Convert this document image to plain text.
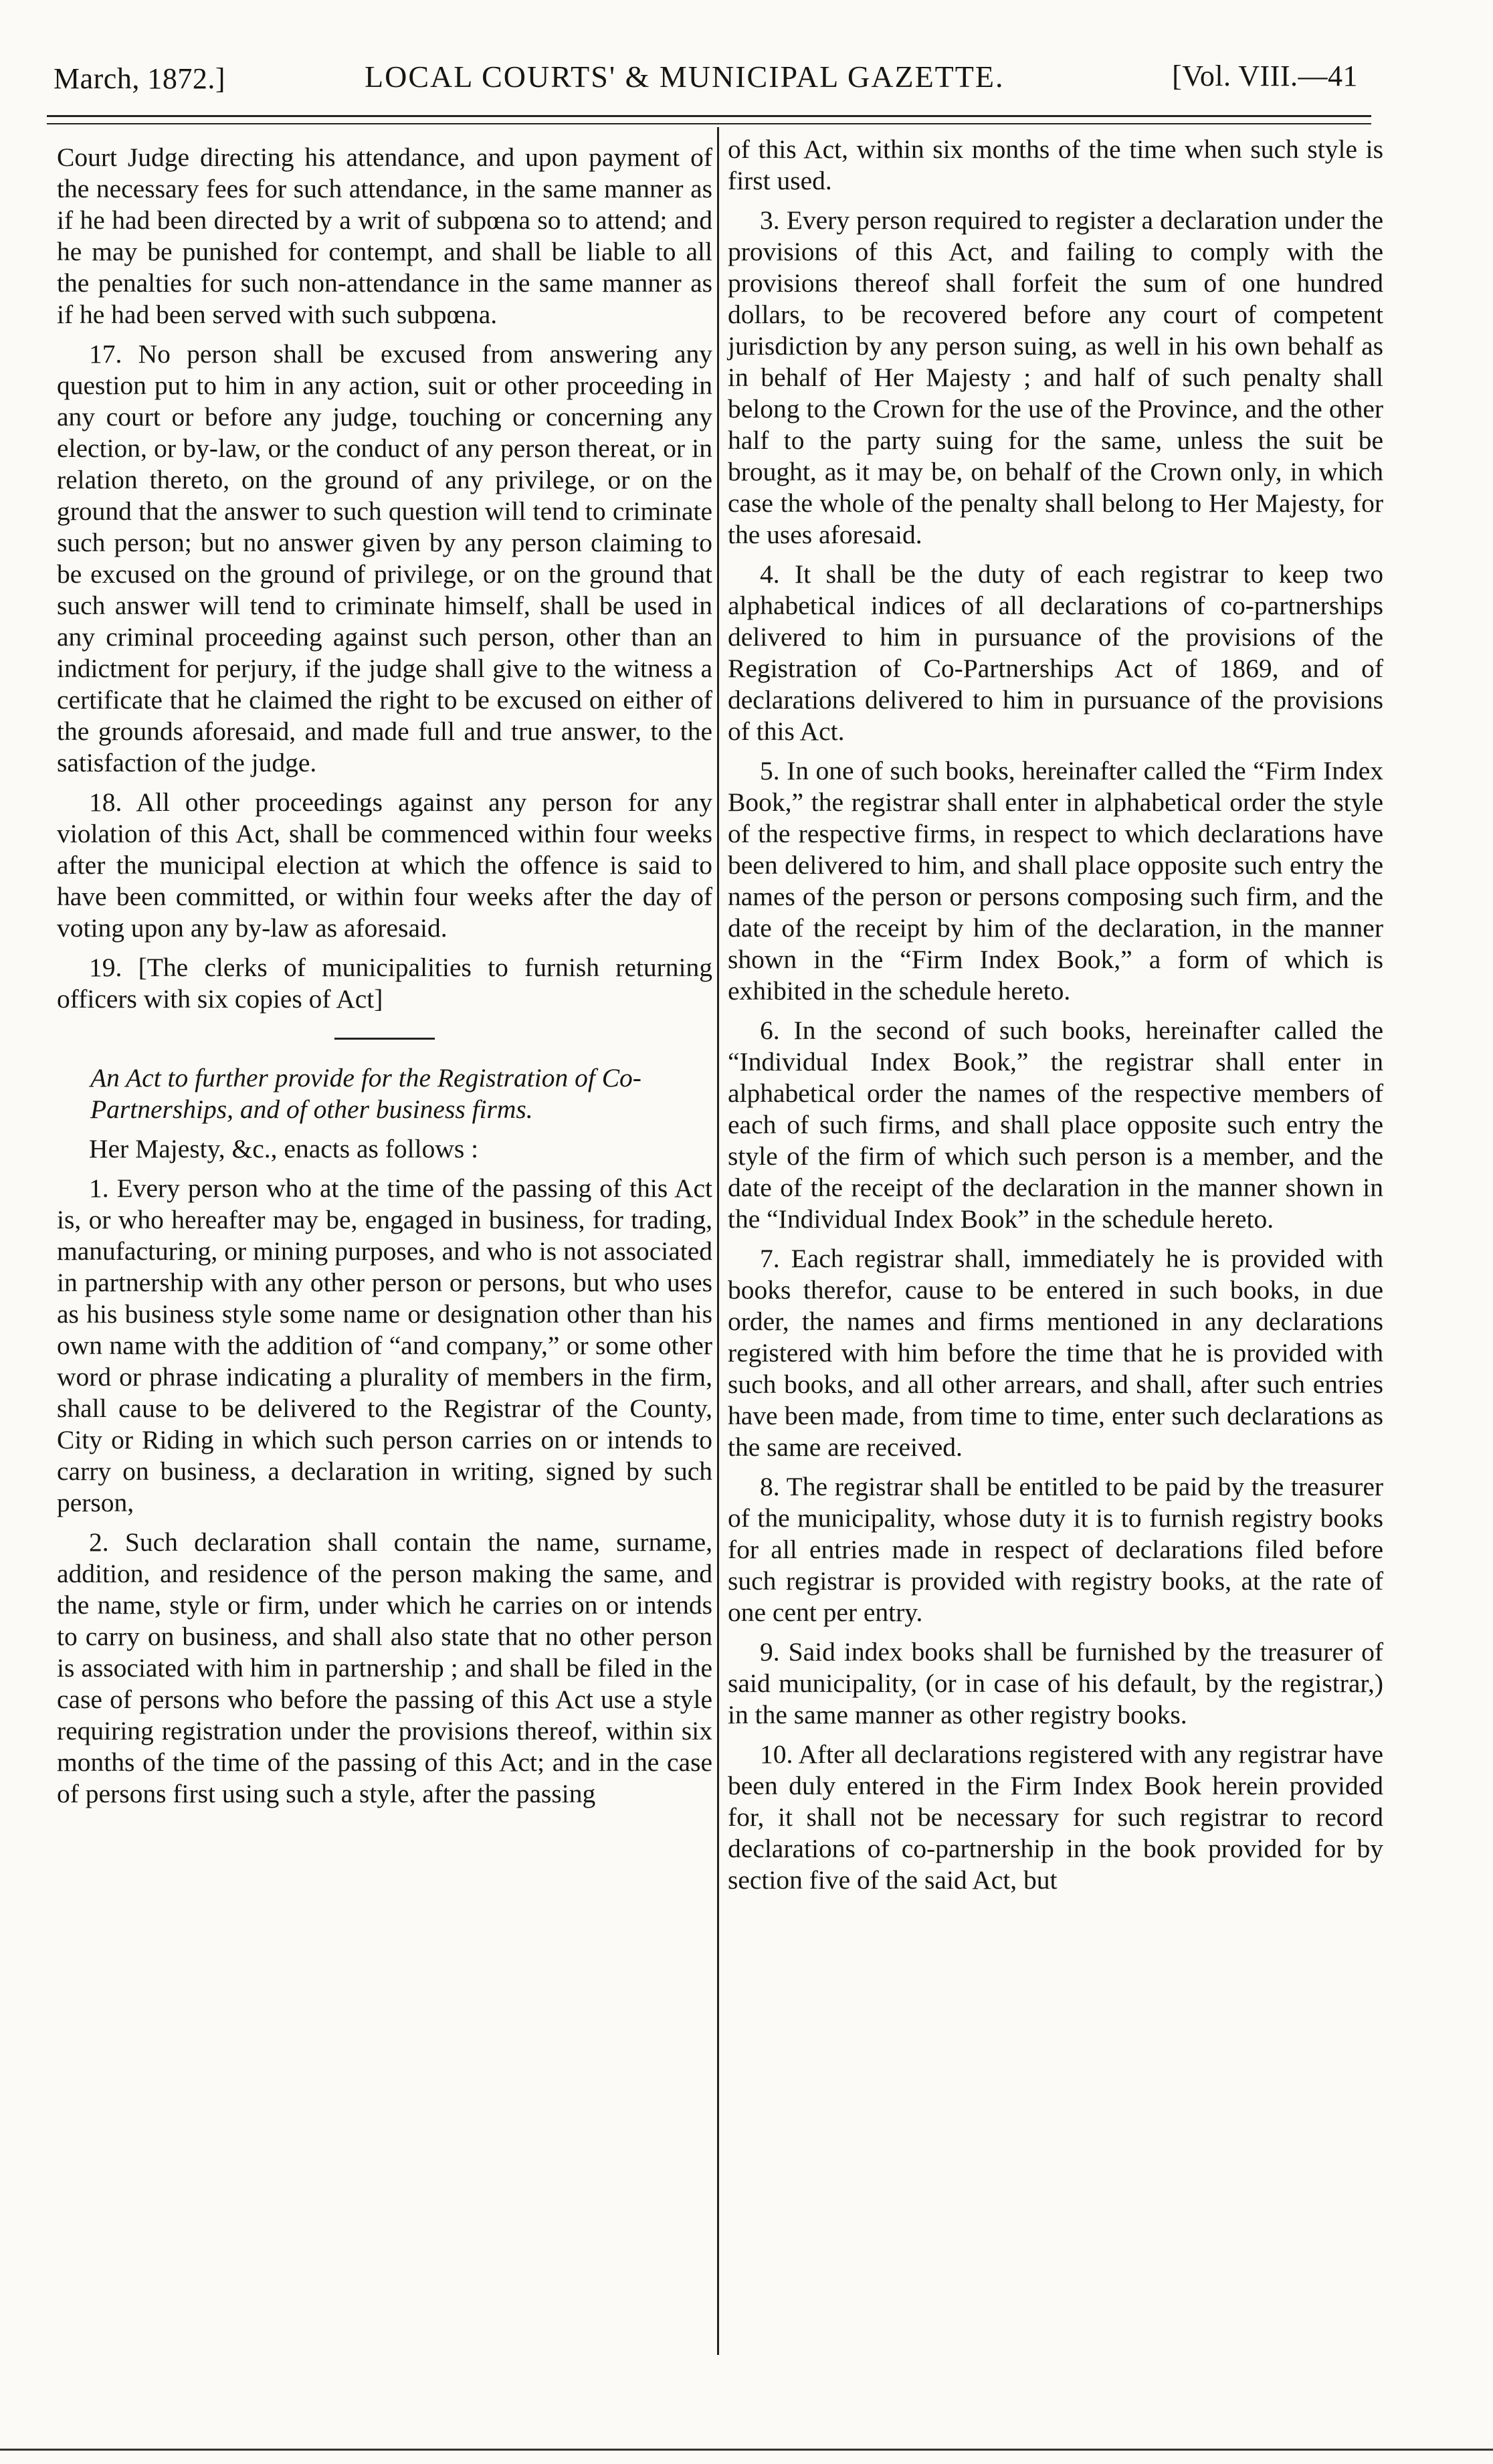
March, 1872.]	LOCAL COURTS' & MUNICIPAL GAZETTE.	[Vol. VIII.—41

Court Judge directing his attendance, and upon payment of the necessary fees for such attendance, in the same manner as if he had been directed by a writ of subpœna so to attend; and he may be punished for contempt, and shall be liable to all the penalties for such non-attendance in the same manner as if he had been served with such subpœna.

17. No person shall be excused from answering any question put to him in any action, suit or other proceeding in any court or before any judge, touching or concerning any election, or by-law, or the conduct of any person thereat, or in relation thereto, on the ground of any privilege, or on the ground that the answer to such question will tend to criminate such person; but no answer given by any person claiming to be excused on the ground of privilege, or on the ground that such answer will tend to criminate himself, shall be used in any criminal proceeding against such person, other than an indictment for perjury, if the judge shall give to the witness a certificate that he claimed the right to be excused on either of the grounds aforesaid, and made full and true answer, to the satisfaction of the judge.

18. All other proceedings against any person for any violation of this Act, shall be commenced within four weeks after the municipal election at which the offence is said to have been committed, or within four weeks after the day of voting upon any by-law as aforesaid.

19. [The clerks of municipalities to furnish returning officers with six copies of Act]

An Act to further provide for the Registration of Co-Partnerships, and of other business firms.

Her Majesty, &c., enacts as follows :

1. Every person who at the time of the passing of this Act is, or who hereafter may be, engaged in business, for trading, manufacturing, or mining purposes, and who is not associated in partnership with any other person or persons, but who uses as his business style some name or designation other than his own name with the addition of “and company,” or some other word or phrase indicating a plurality of members in the firm, shall cause to be delivered to the Registrar of the County, City or Riding in which such person carries on or intends to carry on business, a declaration in writing, signed by such person,

2. Such declaration shall contain the name, surname, addition, and residence of the person making the same, and the name, style or firm, under which he carries on or intends to carry on business, and shall also state that no other person is associated with him in partnership ; and shall be filed in the case of persons who before the passing of this Act use a style requiring registration under the provisions thereof, within six months of the time of the passing of this Act; and in the case of persons first using such a style, after the passing

of this Act, within six months of the time when such style is first used.

3. Every person required to register a declaration under the provisions of this Act, and failing to comply with the provisions thereof shall forfeit the sum of one hundred dollars, to be recovered before any court of competent jurisdiction by any person suing, as well in his own behalf as in behalf of Her Majesty ; and half of such penalty shall belong to the Crown for the use of the Province, and the other half to the party suing for the same, unless the suit be brought, as it may be, on behalf of the Crown only, in which case the whole of the penalty shall belong to Her Majesty, for the uses aforesaid.

4. It shall be the duty of each registrar to keep two alphabetical indices of all declarations of co-partnerships delivered to him in pursuance of the provisions of the Registration of Co-Partnerships Act of 1869, and of declarations delivered to him in pursuance of the provisions of this Act.

5. In one of such books, hereinafter called the “Firm Index Book,” the registrar shall enter in alphabetical order the style of the respective firms, in respect to which declarations have been delivered to him, and shall place opposite such entry the names of the person or persons composing such firm, and the date of the receipt by him of the declaration, in the manner shown in the “Firm Index Book,” a form of which is exhibited in the schedule hereto.

6. In the second of such books, hereinafter called the “Individual Index Book,” the registrar shall enter in alphabetical order the names of the respective members of each of such firms, and shall place opposite such entry the style of the firm of which such person is a member, and the date of the receipt of the declaration in the manner shown in the “Individual Index Book” in the schedule hereto.

7. Each registrar shall, immediately he is provided with books therefor, cause to be entered in such books, in due order, the names and firms mentioned in any declarations registered with him before the time that he is provided with such books, and all other arrears, and shall, after such entries have been made, from time to time, enter such declarations as the same are received.

8. The registrar shall be entitled to be paid by the treasurer of the municipality, whose duty it is to furnish registry books for all entries made in respect of declarations filed before such registrar is provided with registry books, at the rate of one cent per entry.

9. Said index books shall be furnished by the treasurer of said municipality, (or in case of his default, by the registrar,) in the same manner as other registry books.

10. After all declarations registered with any registrar have been duly entered in the Firm Index Book herein provided for, it shall not be necessary for such registrar to record declarations of co-partnership in the book provided for by section five of the said Act, but
